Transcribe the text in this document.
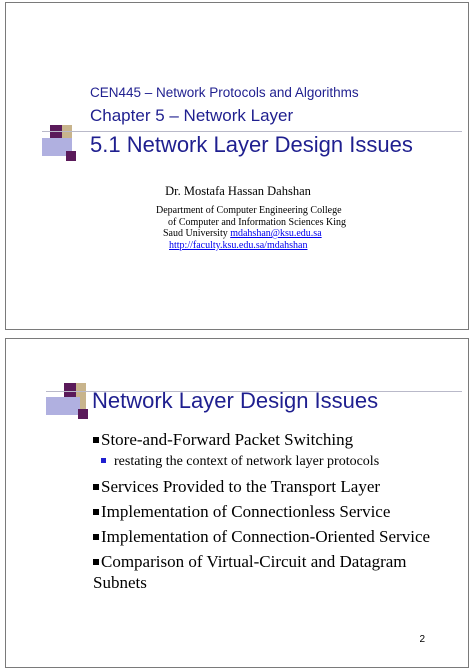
CEN445 – Network Protocols and Algorithms
Chapter 5 – Network Layer
5.1 Network Layer Design Issues
Dr. Mostafa Hassan Dahshan
Department of Computer Engineering College
of Computer and Information Sciences King
Saud University mdahshan@ksu.edu.sa
http://faculty.ksu.edu.sa/mdahshan
Network Layer Design Issues
Store-and-Forward Packet Switching
restating the context of network layer protocols
Services Provided to the Transport Layer
Implementation of Connectionless Service
Implementation of Connection-Oriented Service
Comparison of Virtual-Circuit and Datagram Subnets
2
